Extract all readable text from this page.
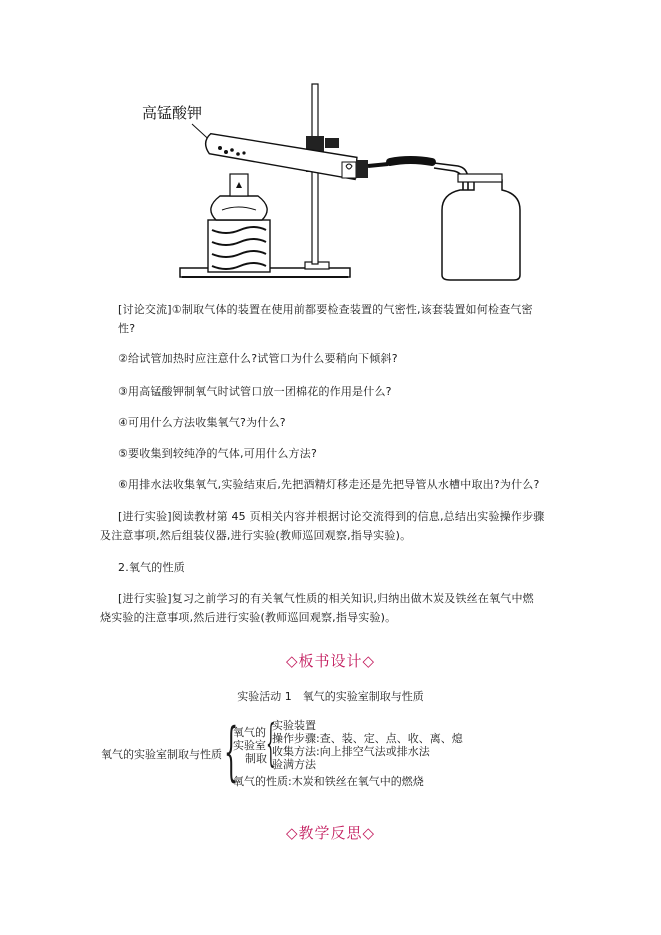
高锰酸钾
[讨论交流]①制取气体的装置在使用前都要检查装置的气密性,该套装置如何检查气密
性?
②给试管加热时应注意什么?试管口为什么要稍向下倾斜?
③用高锰酸钾制氧气时试管口放一团棉花的作用是什么?
④可用什么方法收集氧气?为什么?
⑤要收集到较纯净的气体,可用什么方法?
⑥用排水法收集氧气,实验结束后,先把酒精灯移走还是先把导管从水槽中取出?为什么?
[进行实验]阅读教材第 45 页相关内容并根据讨论交流得到的信息,总结出实验操作步骤
及注意事项,然后组装仪器,进行实验(教师巡回观察,指导实验)。
2.氧气的性质
[进行实验]复习之前学习的有关氧气性质的相关知识,归纳出做木炭及铁丝在氧气中燃
烧实验的注意事项,然后进行实验(教师巡回观察,指导实验)。
◇板书设计◇
实验活动 1　氧气的实验室制取与性质
氧气的实验室制取与性质 {
氧气的
实验室
制取 {
实验装置
操作步骤:查、装、定、点、收、离、熄
收集方法:向上排空气法或排水法
验满方法
氧气的性质:木炭和铁丝在氧气中的燃烧
◇教学反思◇
